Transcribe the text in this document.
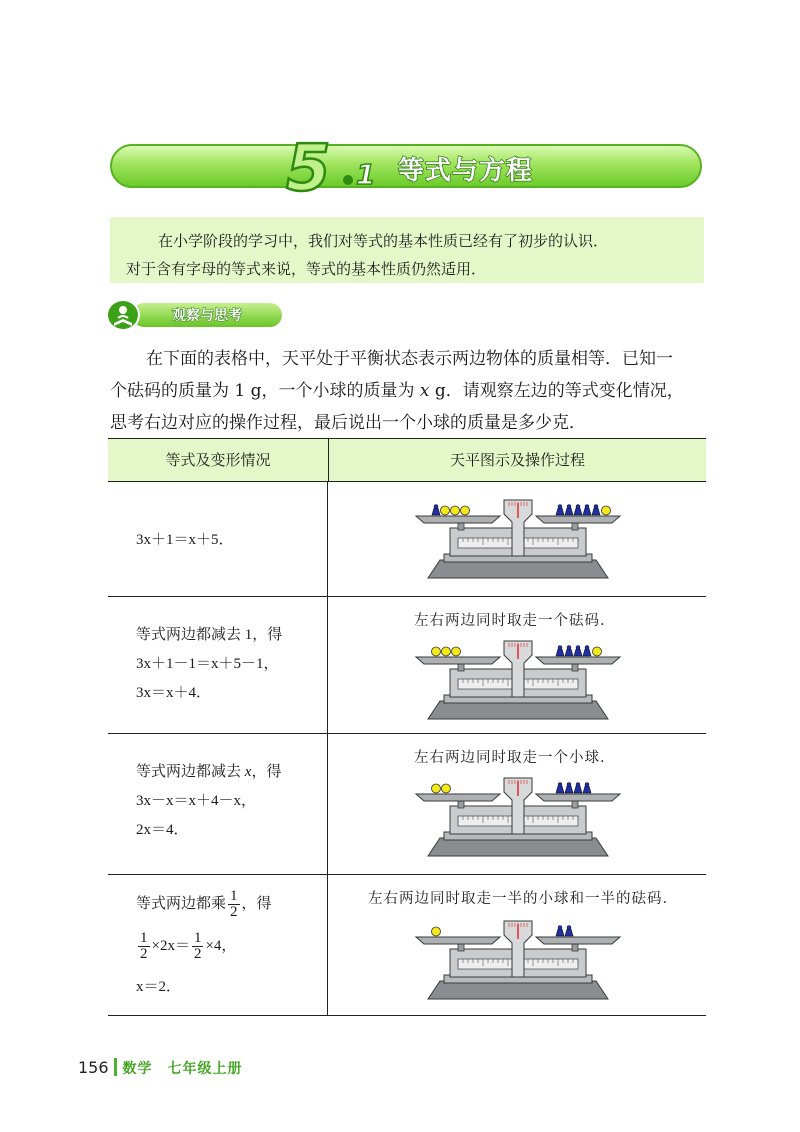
5 1 等式与方程

在小学阶段的学习中，我们对等式的基本性质已经有了初步的认识．

对于含有字母的等式来说，等式的基本性质仍然适用．

观察与思考

在下面的表格中，天平处于平衡状态表示两边物体的质量相等．已知一

个砝码的质量为 1 g，一个小球的质量为 x g．请观察左边的等式变化情况，

思考右边对应的操作过程，最后说出一个小球的质量是多少克．

等式及变形情况	天平图示及操作过程
3x＋1＝x＋5．
等式两边都减去 1，得
3x＋1－1＝x＋5－1，
3x＝x＋4．
左右两边同时取走一个砝码．
等式两边都减去 x，得
3x－x＝x＋4－x，
2x＝4．
左右两边同时取走一个小球．
等式两边都乘 $\frac{1}{2}$ ，得
$\frac{1}{2} \times 2x= \frac{1}{2} \times 4$，
x＝2．
左右两边同时取走一半的小球和一半的砝码．
156 数学　七年级上册
